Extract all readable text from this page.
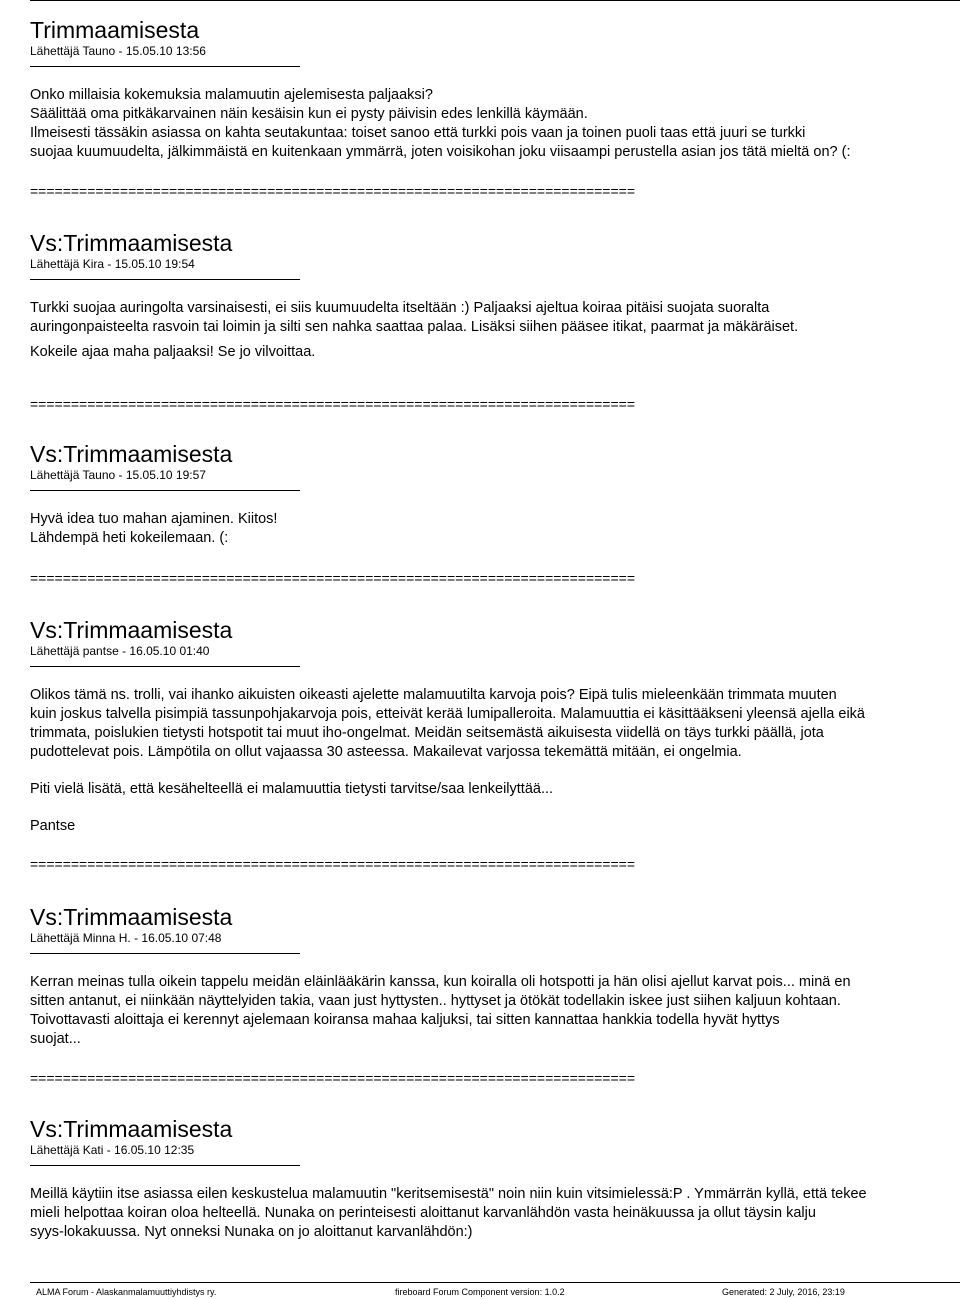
Trimmaamisesta
Lähettäjä Tauno - 15.05.10 13:56
Onko millaisia kokemuksia malamuutin ajelemisesta paljaaksi?
Säälittää oma pitkäkarvainen näin kesäisin kun ei pysty päivisin edes lenkillä käymään.
Ilmeisesti tässäkin asiassa on kahta seutakuntaa: toiset sanoo että turkki pois vaan ja toinen puoli taas että juuri se turkki
suojaa kuumuudelta, jälkimmäistä en kuitenkaan ymmärrä, joten voisikohan joku viisaampi perustella asian jos tätä mieltä on? (:
==========================================================================
Vs:Trimmaamisesta
Lähettäjä Kira - 15.05.10 19:54
Turkki suojaa auringolta varsinaisesti, ei siis kuumuudelta itseltään :) Paljaaksi ajeltua koiraa pitäisi suojata suoralta
auringonpaisteelta rasvoin tai loimin ja silti sen nahka saattaa palaa. Lisäksi siihen pääsee itikat, paarmat ja mäkäräiset.
Kokeile ajaa maha paljaaksi! Se jo vilvoittaa.
==========================================================================
Vs:Trimmaamisesta
Lähettäjä Tauno - 15.05.10 19:57
Hyvä idea tuo mahan ajaminen. Kiitos!
Lähdempä heti kokeilemaan. (:
==========================================================================
Vs:Trimmaamisesta
Lähettäjä pantse - 16.05.10 01:40
Olikos tämä ns. trolli, vai ihanko aikuisten oikeasti ajelette malamuutilta karvoja pois? Eipä tulis mieleenkään trimmata muuten
kuin joskus talvella pisimpiä tassunpohjakarvoja pois, etteivät kerää lumipalleroita. Malamuuttia ei käsittääkseni yleensä ajella eikä
trimmata, poislukien tietysti hotspotit tai muut iho-ongelmat. Meidän seitsemästä aikuisesta viidellä on täys turkki päällä, jota
pudottelevat pois. Lämpötila on ollut vajaassa 30 asteessa. Makailevat varjossa tekemättä mitään, ei ongelmia.
Piti vielä lisätä, että kesähelteellä ei malamuuttia tietysti tarvitse/saa lenkeilyttää...
Pantse
==========================================================================
Vs:Trimmaamisesta
Lähettäjä Minna H. - 16.05.10 07:48
Kerran meinas tulla oikein tappelu meidän eläinlääkärin kanssa, kun koiralla oli hotspotti ja hän olisi ajellut karvat pois... minä en
sitten antanut, ei niinkään näyttelyiden takia, vaan just hyttysten.. hyttyset ja ötökät todellakin iskee just siihen kaljuun kohtaan.
Toivottavasti aloittaja ei kerennyt ajelemaan koiransa mahaa kaljuksi, tai sitten kannattaa hankkia todella hyvät hyttys
suojat...
==========================================================================
Vs:Trimmaamisesta
Lähettäjä Kati - 16.05.10 12:35
Meillä käytiin itse asiassa eilen keskustelua malamuutin "keritsemisestä" noin niin kuin vitsimielessä:P . Ymmärrän kyllä, että tekee
mieli helpottaa koiran oloa helteellä. Nunaka on perinteisesti aloittanut karvanlähdön vasta heinäkuussa ja ollut täysin kalju
syys-lokakuussa. Nyt onneksi Nunaka on jo aloittanut karvanlähdön:)
ALMA Forum - Alaskanmalamuuttiyhdistys ry.	fireboard Forum Component version: 1.0.2	Generated: 2 July, 2016, 23:19
